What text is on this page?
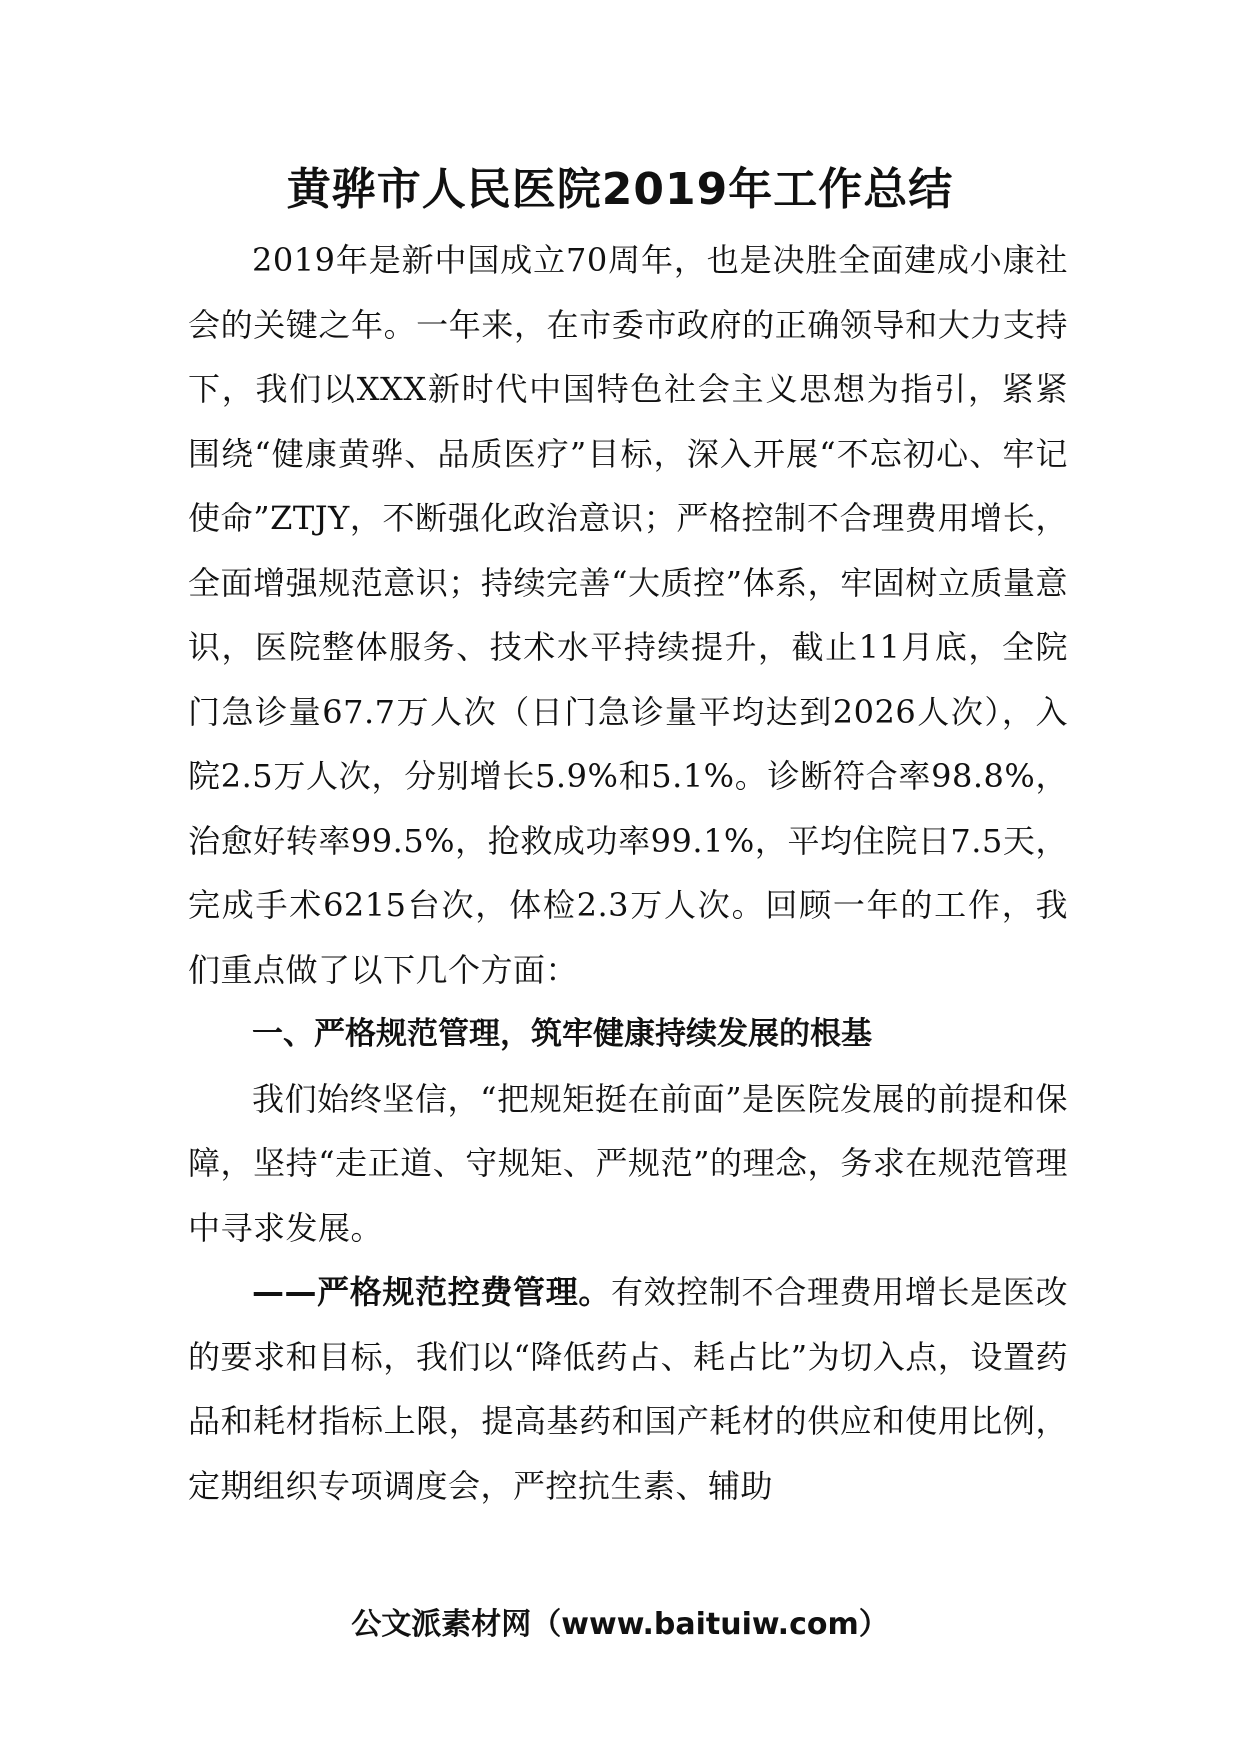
黄骅市人民医院2019年工作总结

2019年是新中国成立70周年，也是决胜全面建成小康社会的关键之年。一年来，在市委市政府的正确领导和大力支持下，我们以XXX新时代中国特色社会主义思想为指引，紧紧围绕“健康黄骅、品质医疗”目标，深入开展“不忘初心、牢记使命”ZTJY，不断强化政治意识；严格控制不合理费用增长，全面增强规范意识；持续完善“大质控”体系，牢固树立质量意识，医院整体服务、技术水平持续提升，截止11月底，全院门急诊量67.7万人次（日门急诊量平均达到2026人次），入院2.5万人次，分别增长5.9%和5.1%。诊断符合率98.8%，治愈好转率99.5%，抢救成功率99.1%，平均住院日7.5天，完成手术6215台次，体检2.3万人次。回顾一年的工作，我们重点做了以下几个方面：

一、严格规范管理，筑牢健康持续发展的根基

我们始终坚信，“把规矩挺在前面”是医院发展的前提和保障，坚持“走正道、守规矩、严规范”的理念，务求在规范管理中寻求发展。

——严格规范控费管理。有效控制不合理费用增长是医改的要求和目标，我们以“降低药占、耗占比”为切入点，设置药品和耗材指标上限，提高基药和国产耗材的供应和使用比例，定期组织专项调度会，严控抗生素、辅助

公文派素材网（www.baituiw.com）
